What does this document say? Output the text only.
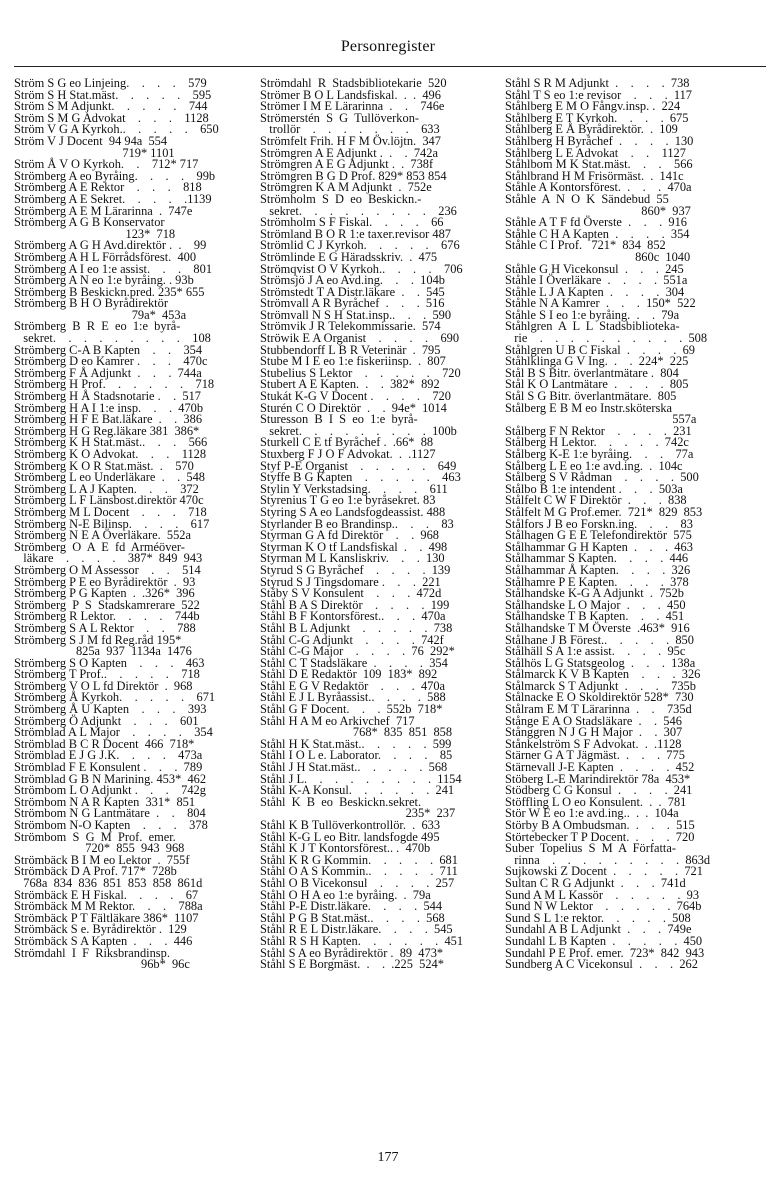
Personregister
Ström S G eo Linjeing.    .    .    .    579
Ström S H Stat.mäst.    .    .    .    .    595
Ström S M Adjunkt.    .    .    .    .    744
Ström S M G Advokat    .    .    .    1128
Ström V G A Kyrkoh..    .    .    .    .    650
Ström V J Docent  94 94a  554
719* 1101
Ström Å V O Kyrkoh.    .    712* 717
Strömberg A eo Byråing.    .    .    .    99b
Strömberg A E Rektor    .    .    .    818
Strömberg A E Sekret.    .    .    .    .1139
Strömberg A E M Lärarinna  .  747e
Strömberg A G B Konservator
123*  718
Strömberg A G H Avd.direktör .  .    99
Strömberg A H L Förrådsförest.  400
Strömberg A I eo 1:e assist.    .    .    801
Strömberg A N eo 1:e byråing. . 93b
Strömberg B Beskickn.pred. 235* 655
Strömberg B H O Byrådirektör
79a*  453a
Strömberg  B  R  E  eo  1:e  byrå-
sekret.    .    .    .    .    .    .    .    .    108
Strömberg C-A B Kapten    .    .    354
Strömberg D eo Kamrer .    .    .    470c
Strömberg F Å Adjunkt  .    .    .  744a
Strömberg H Prof.    .    .    .    .    .    718
Strömberg H Å Stadsnotarie .    .  517
Strömberg H A I 1:e insp.    .    .  470b
Strömberg H F E Bat.läkare  .    .  386
Strömberg H G Reg.läkare 381  386*
Strömberg K H Stat.mäst..    .    .    566
Strömberg K O Advokat.    .    .    1128
Strömberg K O R Stat.mäst.  .    570
Strömberg L eo Underläkare  .    .  548
Strömberg L A J Kapten.    .    .    372
Strömberg L F Länsbost.direktör 470c
Strömberg M L Docent    .    .    .    718
Strömberg N-E Bilinsp.    .    .    .    617
Strömberg N E A Överläkare.  552a
Strömberg  O  A  E  fd  Arméöver-
läkare    .    .    .    .    387*  849  943
Strömberg O M Assessor    .    .    514
Strömberg P E eo Byrådirektör  .  93
Strömberg P G Kapten  .  .326*  396
Strömberg  P  S  Stadskamrerare  522
Strömberg R Lektor.    .    .    .    744b
Strömberg S A L Rektor    .    .    788
Strömberg S J M fd Reg.råd 195*
825a  937  1134a  1476
Strömberg S O Kapten    .    .    .    463
Strömberg T Prof..    .    .    .    .    718
Strömberg V O L fd Direktör  .  968
Strömberg Å Kyrkoh.    .    .    .    .    671
Strömberg Å U Kapten    .    .    .    393
Strömberg Ö Adjunkt    .    .    .    601
Strömblad A L Major    .    .    .    .    354
Strömblad B C R Docent  466  718*
Strömblad E J G J.K.    .    .    .    473a
Strömblad F E Konsulent .    .    .  789
Strömblad G B N Marining. 453*  462
Strömbom L O Adjunkt .    .    .    742g
Strömbom N A R Kapten  331*  851
Strömbom N G Lantmätare  .    .    804
Strömbom N-O Kapten    .    .    .    378
Strömbom  S  G  M  Prof.  emer.
720*  855  943  968
Strömbäck B I M eo Lektor  .  755f
Strömbäck D A Prof. 717*  728b
768a  834  836  851  853  858  861d
Strömbäck E H Fiskal.    .    .    .    67
Strömbäck M M Rektor.    .    .    788a
Strömbäck P T Fältläkare 386*  1107
Strömbäck S e. Byrådirektör .  129
Strömbäck S A Kapten  .    .    .  446
Strömdahl  I  F  Riksbrandinsp.
96b*  96c
Strömdahl  R  Stadsbibliotekarie  520
Strömer B O L Landsfiskal.  .  .  496
Strömer I M E Lärarinna  .    .    746e
Strömerstén  S  G  Tullöverkon-
trollör    .    .    .    .    .    .    .    633
Strömfelt Frih. H F M Öv.löjtn.  347
Strömgren A E Adjunkt .  .    .  742a
Strömgren A E G Adjunkt .  .  738f
Strömgren B G D Prof. 829* 853 854
Strömgren K A M Adjunkt  .  752e
Strömholm  S  D  eo  Beskickn.-
sekret.    .    .    .    .    .    .    .    .    236
Strömholm S F Fiskal.    .    .    .    66
Strömland B O R 1:e taxer.revisor 487
Strömlid C J Kyrkoh.    .    .    .    .    676
Strömlinde E G Häradsskriv.  .  475
Strömqvist O V Kyrkoh..    .    .    .    706
Strömsjö J A eo Avd.ing.    .    .  104b
Strömstedt T A Distr.läkare  .    .  545
Strömvall A R Byråchef  .    .    .  516
Strömvall N S H Stat.insp..    .    .  590
Strömvik J R Telekommissarie.  574
Ströwik E A Organist    .    .    .    .    690
Stubbendorff L B R Veterinär  .  795
Stube M I E eo 1:e fiskeriinsp.  .  807
Stubelius S Lektor    .    .    .    .    .    720
Stubert A E Kapten.  .    .  382*  892
Stukát K-G V Docent .    .    .    .    720
Sturén C O Direktör  .    .  94e*  1014
Sturesson  B  I  S  eo  1:e  byrå-
sekret.    .    .    .    .    .    .    .    .  100b
Sturkell C E tf Byråchef .  .66*  88
Stuxberg F J O F Advokat.  .  .1127
Styf P-E Organist    .    .    .    .    .    649
Styffe B G Kapten    .    .    .    .    .    463
Stylin Y Verkstadsing.    .    .    .    611
Styrenius T G eo 1:e byråsekret. 83
Styring S A eo Landsfogdeassist. 488
Styrlander B eo Brandinsp..    .    .    83
Styrman G A fd Direktör    .    .  968
Styrman K O tf Landsfiskal  .    .  498
Styrman M L Kansliskriv.    .    .  130
Styrud S G Byråchef    .    .    .    .  139
Styrud S J Tingsdomare .    .    .  221
Ståby S V Konsulent    .    .    .  472d
Ståhl B A S Direktör    .    .    .    .  199
Ståhl B F Kontorsförest..    .    .  470a
Ståhl B L Adjunkt    .    .    .    .    .  738
Ståhl C-G Adjunkt    .    .    .    .  742f
Ståhl C-G Major    .    .    .    .  76  292*
Ståhl C T Stadsläkare  .    .    .    .  354
Ståhl D E Redaktör  109  183*  892
Ståhl E G V Redaktör    .    .    .  470a
Ståhl E J L Byråassist..    .    .    .  588
Ståhl G F Docent.    .    .  552b  718*
Ståhl H A M eo Arkivchef  717
768*  835  851  858
Ståhl H K Stat.mäst..    .    .    .    .  599
Ståhl I O L e. Laborator.    .    .    .    85
Ståhl J H Stat.mäst..    .    .    .    .  568
Ståhl J L.    .    .    .    .    .    .    .    .  1154
Ståhl K-A Konsul.    .    .    .    .    .  241
Ståhl  K  B  eo  Beskickn.sekret.
235*  237
Ståhl K B Tullöverkontrollör.  .  633
Ståhl K-G L eo Bitr. landsfogde 495
Ståhl K J T Kontorsförest.. .  470b
Ståhl K R G Kommin.    .    .    .    .  681
Ståhl O A S Kommin..    .    .    .    .  711
Ståhl O B Vicekonsul    .    .    .    .  257
Ståhl O H A eo 1:e byråing.  .  79a
Ståhl P-E Distr.läkare.    .    .    .  544
Ståhl P G B Stat.mäst..    .    .    .  568
Ståhl R E L Distr.läkare.    .    .    .  545
Ståhl R S H Kapten.    .    .    .    .    .  451
Ståhl S A eo Byrådirektör .  89  473*
Ståhl S E Borgmäst.  .    .  .225  524*
Ståhl S R M Adjunkt  .    .    .    .  738
Ståhl T S eo 1:e revisor    .    .    .  117
Ståhlberg E M O Fångv.insp. .  224
Ståhlberg E T Kyrkoh.    .    .    .  675
Ståhlberg E Å Byrådirektör.  .  109
Ståhlberg H Byråchef  .    .    .    .  130
Ståhlberg L E Advokat    .    .    1127
Ståhlbom M K Stat.mäst.    .    .    566
Ståhlbrand H M Frisörmäst.  .  141c
Ståhle A Kontorsförest.  .    .    .  470a
Ståhle  A  N  O  K  Sändebud  55
860*  937
Ståhle A T F fd Överste  .    .    .  916
Ståhle C H A Kapten  .    .    .    .  354
Ståhle C I Prof.   721*  834  852
860c  1040
Ståhle G H Vicekonsul  .    .    .  245
Ståhle I Överläkare  .    .    .    .  551a
Ståhle L J A Kapten  .    .    .    .  304
Ståhle N A Kamrer  .    .    .  150*  522
Ståhle S I eo 1:e byråing.  .    .  79a
Ståhlgren  A  L  L  Stadsbiblioteka-
rie    .    .    .    .    .    .    .    .    .    .  508
Ståhlgren U B C Fiskal  .    .    .    .  69
Ståhlklinga G V Ing.  .    .  224*  225
Stål B S Bitr. överlantmätare .  804
Stål K O Lantmätare  .    .    .    .  805
Stål S G Bitr. överlantmätare.  805
Stålberg E B M eo Instr.sköterska
557a
Stålberg F N Rektor    .    .    .    .  231
Stålberg H Lektor.    .    .    .    .  742c
Stålberg K-E 1:e byråing.    .    .    77a
Stålberg L E eo 1:e avd.ing.  .  104c
Stålberg S V Rådman    .    .    .    .  500
Stålbo B 1:e intendent .    .    .  503a
Stålfelt C W F Direktör  .    .    .  838
Stålfelt M G Prof.emer.  721*  829  853
Stålfors J B eo Forskn.ing.    .    .    83
Stålhagen G E E Telefondirektör  575
Stålhammar G H Kapten  .    .    .  463
Stålhammar S Kapten.    .    .    .  446
Stålhammar Å Kapten.    .    .    .  326
Stålhamre P E Kapten.    .    .    .  378
Stålhandske K-G A Adjunkt  .  752b
Stålhandske L O Major  .    .    .  450
Stålhandske T B Kapten.    .    .  451
Stålhandske T M Överste  .463*  916
Stålhane J B Förest..    .    .    .    .  850
Stålhäll S A 1:e assist.    .    .    .  95c
Stålhös L G Statsgeolog  .    .    .  138a
Stålmarck K V B Kapten    .    .    .  326
Stålmarck S T Adjunkt  .    .    .    735b
Stålnacke E O Skoldirektör 528*  730
Stålram E M T Lärarinna  .    .    735d
Stånge E A O Stadsläkare  .    .  546
Stånggren N J G H Major  .    .  307
Stånkelström S F Advokat.  .  .1128
Stärner G A T Jägmäst.  .    .    .  775
Stärnevall J-E Kapten  .    .    .    .  452
Stöberg L-E Marindirektör 78a  453*
Stödberg C G Konsul  .    .    .    .  241
Stöffling L O eo Konsulent.  .  .  781
Stör W E eo 1:e avd.ing..  .  .  104a
Störby B A Ombudsman.  .    .    .  515
Störtebecker T P Docent.  .    .    .  720
Suber  Topelius  S  M  A  Författa-
rinna    .    .    .    .    .    .    .    .    .  863d
Sujkowski Z Docent  .    .    .    .    .  721
Sultan C R G Adjunkt  .    .    .  741d
Sund A M L Kassör    .    .    .    .    .  93
Sund N W Lektor    .    .    .    .    .  764b
Sund S L 1:e rektor.    .    .    .    .  508
Sundahl A B L Adjunkt  .    .    .  749e
Sundahl L B Kapten  .    .    .    .    .  450
Sundahl P E Prof. emer.  723*  842  943
Sundberg A C Vicekonsul  .    .    .  262
177
